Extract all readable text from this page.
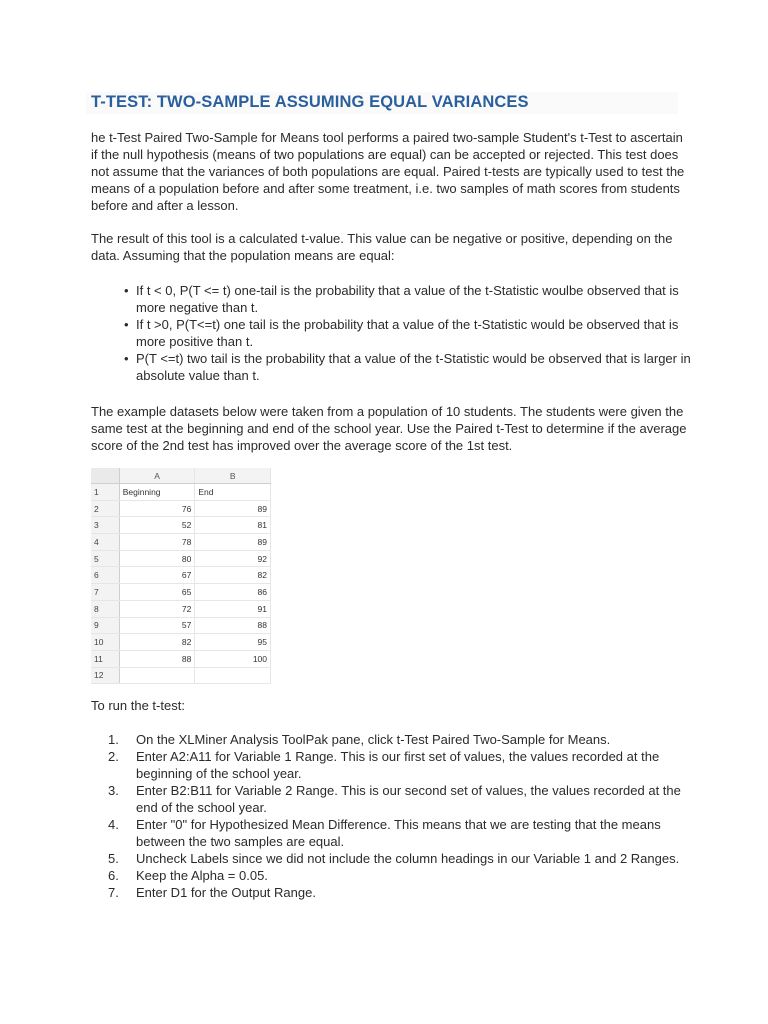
T-TEST: TWO-SAMPLE ASSUMING EQUAL VARIANCES

he t-Test Paired Two-Sample for Means tool performs a paired two-sample Student's t-Test to ascertain if the null hypothesis (means of two populations are equal) can be accepted or rejected. This test does not assume that the variances of both populations are equal. Paired t-tests are typically used to test the means of a population before and after some treatment, i.e. two samples of math scores from students before and after a lesson.

The result of this tool is a calculated t-value. This value can be negative or positive, depending on the data. Assuming that the population means are equal:

• If t < 0, P(T <= t) one-tail is the probability that a value of the t-Statistic woulbe observed that is more negative than t.
• If t >0, P(T<=t) one tail is the probability that a value of the t-Statistic would be observed that is more positive than t.
• P(T <=t) two tail is the probability that a value of the t-Statistic would be observed that is larger in absolute value than t.

The example datasets below were taken from a population of 10 students. The students were given the same test at the beginning and end of the school year. Use the Paired t-Test to determine if the average score of the 2nd test has improved over the average score of the 1st test.

	A	B
1	Beginning	End
2	76	89
3	52	81
4	78	89
5	80	92
6	67	82
7	65	86
8	72	91
9	57	88
10	82	95
11	88	100
12		

To run the t-test:

1. On the XLMiner Analysis ToolPak pane, click t-Test Paired Two-Sample for Means.
2. Enter A2:A11 for Variable 1 Range. This is our first set of values, the values recorded at the beginning of the school year.
3. Enter B2:B11 for Variable 2 Range. This is our second set of values, the values recorded at the end of the school year.
4. Enter "0" for Hypothesized Mean Difference. This means that we are testing that the means between the two samples are equal.
5. Uncheck Labels since we did not include the column headings in our Variable 1 and 2 Ranges.
6. Keep the Alpha = 0.05.
7. Enter D1 for the Output Range.
